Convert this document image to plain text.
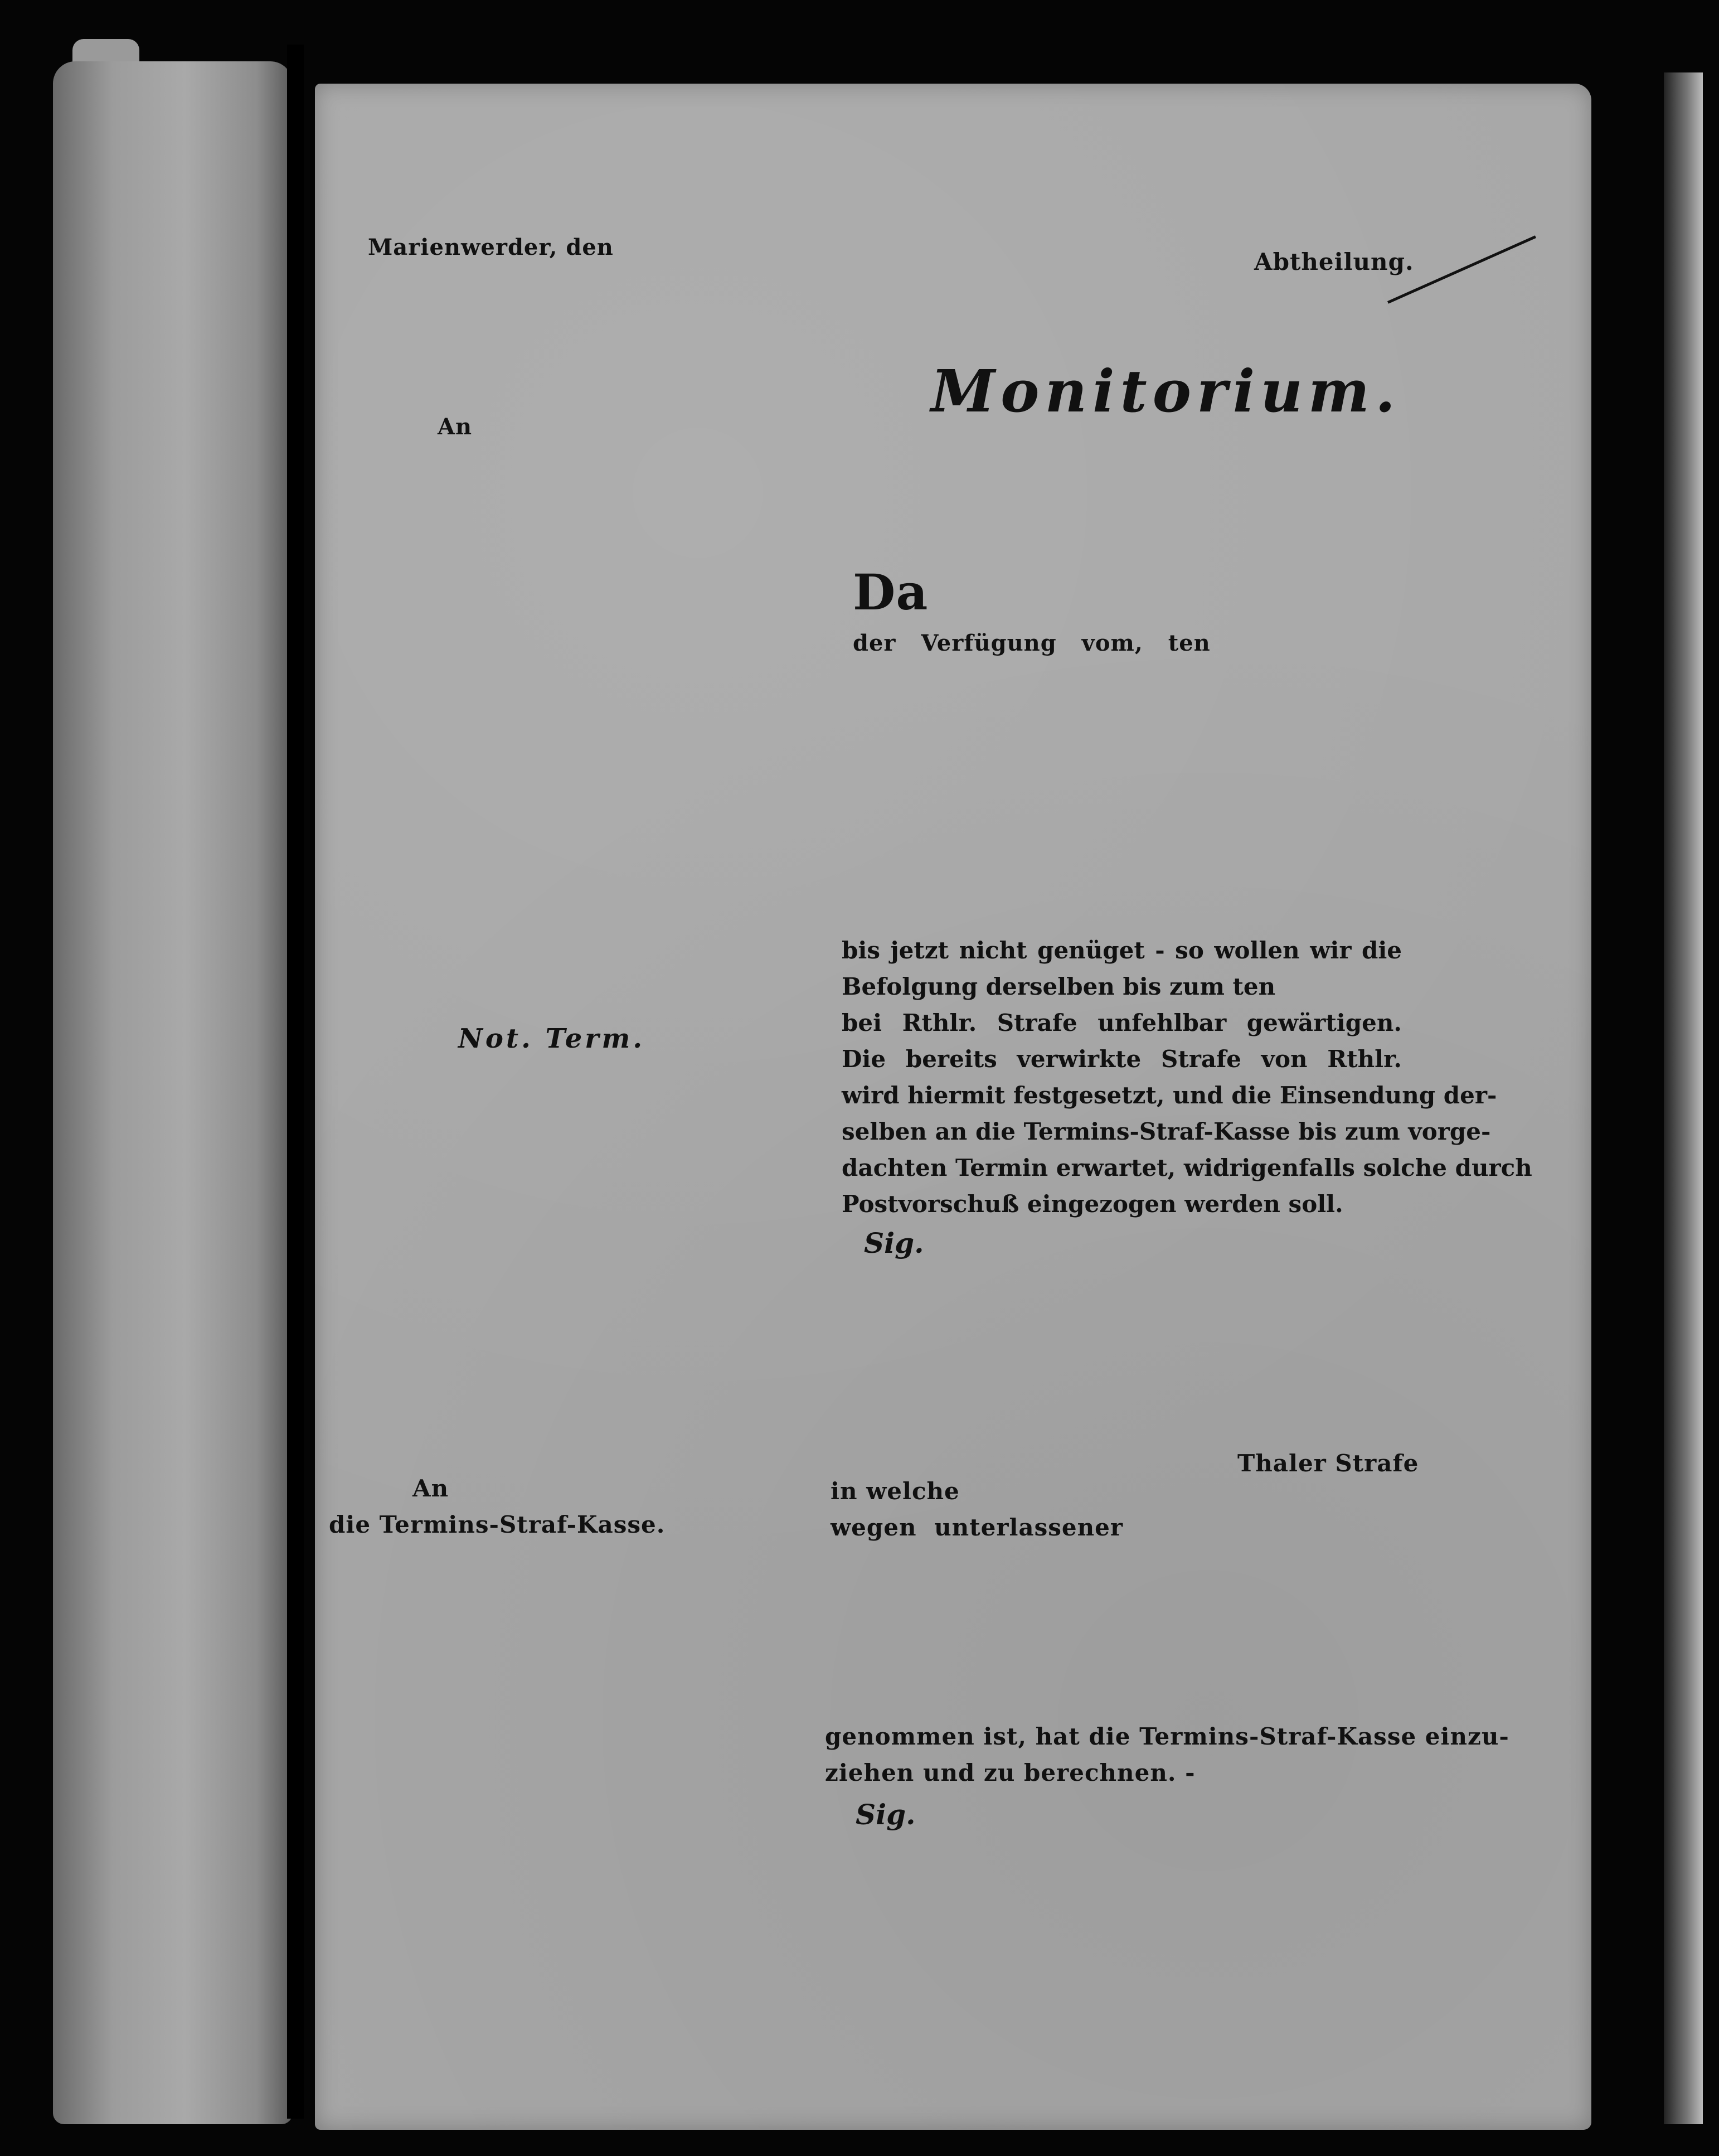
Marienwerder, den
Abtheilung.
Monitorium.
An
Da
der Verfügung vom, ten
Not. Term.
bis jetzt nicht genüget - so wollen wir die
Befolgung derselben bis zum ten
bei Rthlr. Strafe unfehlbar gewärtigen.
Die bereits verwirkte Strafe von Rthlr.
wird hiermit festgesetzt, und die Einsendung der-
selben an die Termins-Straf-Kasse bis zum vorge-
dachten Termin erwartet, widrigenfalls solche durch
Postvorschuß eingezogen werden soll.
Sig.
Thaler Strafe
An
die Termins-Straf-Kasse.
in welche
wegen unterlassener
genommen ist, hat die Termins-Straf-Kasse einzu-
ziehen und zu berechnen. -
Sig.
